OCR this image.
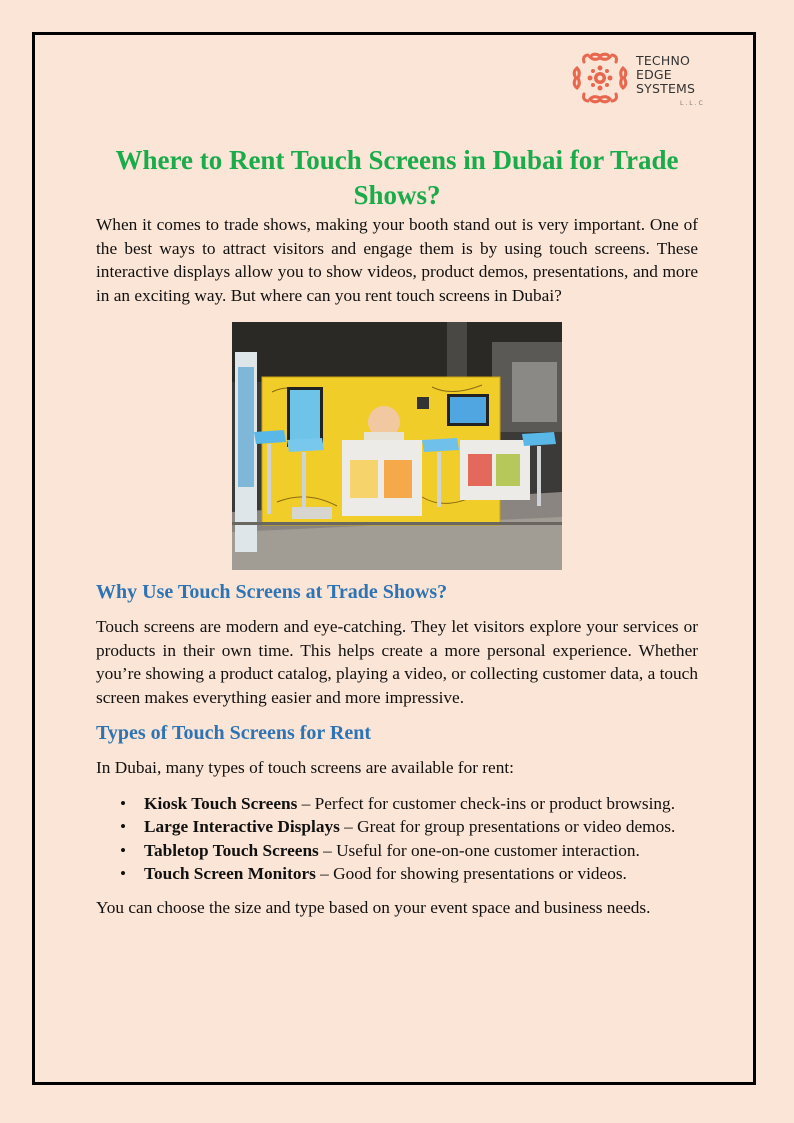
TECHNO
EDGE
SYSTEMS
L.L.C
Where to Rent Touch Screens in Dubai for Trade Shows?

When it comes to trade shows, making your booth stand out is very important. One of the best ways to attract visitors and engage them is by using touch screens. These interactive displays allow you to show videos, product demos, presentations, and more in an exciting way. But where can you rent touch screens in Dubai?

Why Use Touch Screens at Trade Shows?

Touch screens are modern and eye-catching. They let visitors explore your services or products in their own time. This helps create a more personal experience. Whether you’re showing a product catalog, playing a video, or collecting customer data, a touch screen makes everything easier and more impressive.

Types of Touch Screens for Rent

In Dubai, many types of touch screens are available for rent:

• Kiosk Touch Screens – Perfect for customer check-ins or product browsing.
• Large Interactive Displays – Great for group presentations or video demos.
• Tabletop Touch Screens – Useful for one-on-one customer interaction.
• Touch Screen Monitors – Good for showing presentations or videos.

You can choose the size and type based on your event space and business needs.
